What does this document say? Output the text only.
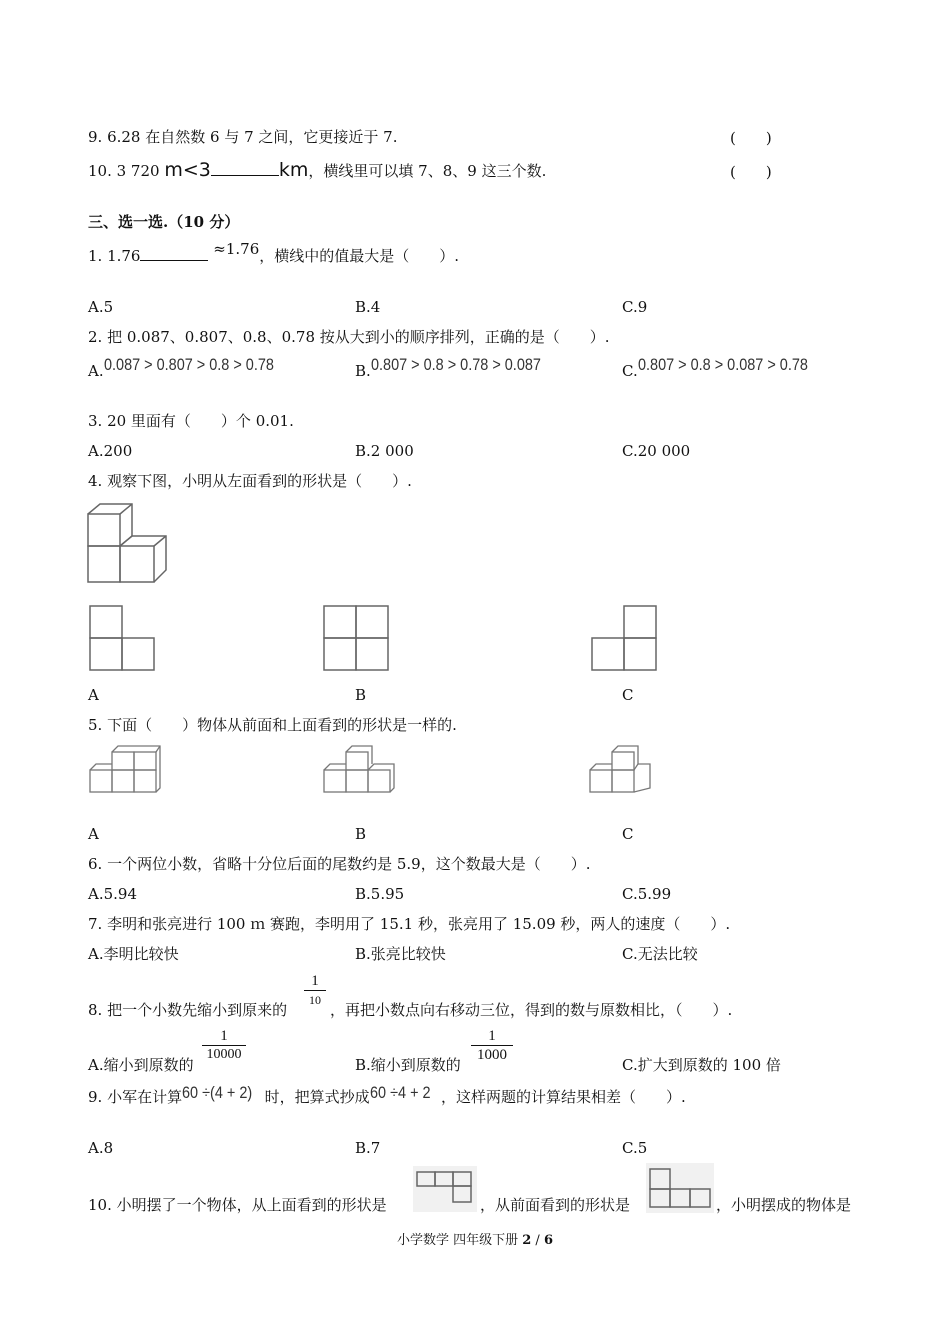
9. 6.28 在自然数 6 与 7 之间，它更接近于 7.	(　　)
10. 3 720 m<3	km，横线里可以填 7、8、9 这三个数.	(　　)
三、选一选.（10 分）
1. 1.76	≈1.76，横线中的值最大是（　　）.
A.5	B.4	C.9
2. 把 0.087、0.807、0.8、0.78 按从大到小的顺序排列，正确的是（　　）.
A.0.087 > 0.807 > 0.8 > 0.78	B.0.807 > 0.8 > 0.78 > 0.087	C.0.807 > 0.8 > 0.087 > 0.78
3. 20 里面有（　　）个 0.01.
A.200	B.2 000	C.20 000
4. 观察下图，小明从左面看到的形状是（　　）.
A	B	C
5. 下面（　　）物体从前面和上面看到的形状是一样的.
A	B	C
6. 一个两位小数，省略十分位后面的尾数约是 5.9，这个数最大是（　　）.
A.5.94	B.5.95	C.5.99
7. 李明和张亮进行 100 ｍ 赛跑，李明用了 15.1 秒，张亮用了 15.09 秒，两人的速度（　　）.
A.李明比较快	B.张亮比较快	C.无法比较
8. 把一个小数先缩小到原来的
1
10
，再把小数点向右移动三位，得到的数与原数相比，（　　）.
A.缩小到原数的
1
10000
B.缩小到原数的
1
1000
C.扩大到原数的 100 倍
9. 小军在计算60 ÷(4 + 2) 时，把算式抄成60 ÷4 + 2 ，这样两题的计算结果相差（　　）.
A.8	B.7	C.5
10. 小明摆了一个物体，从上面看到的形状是	，从前面看到的形状是	，小明摆成的物体是
小学数学 四年级下册 2 / 6
